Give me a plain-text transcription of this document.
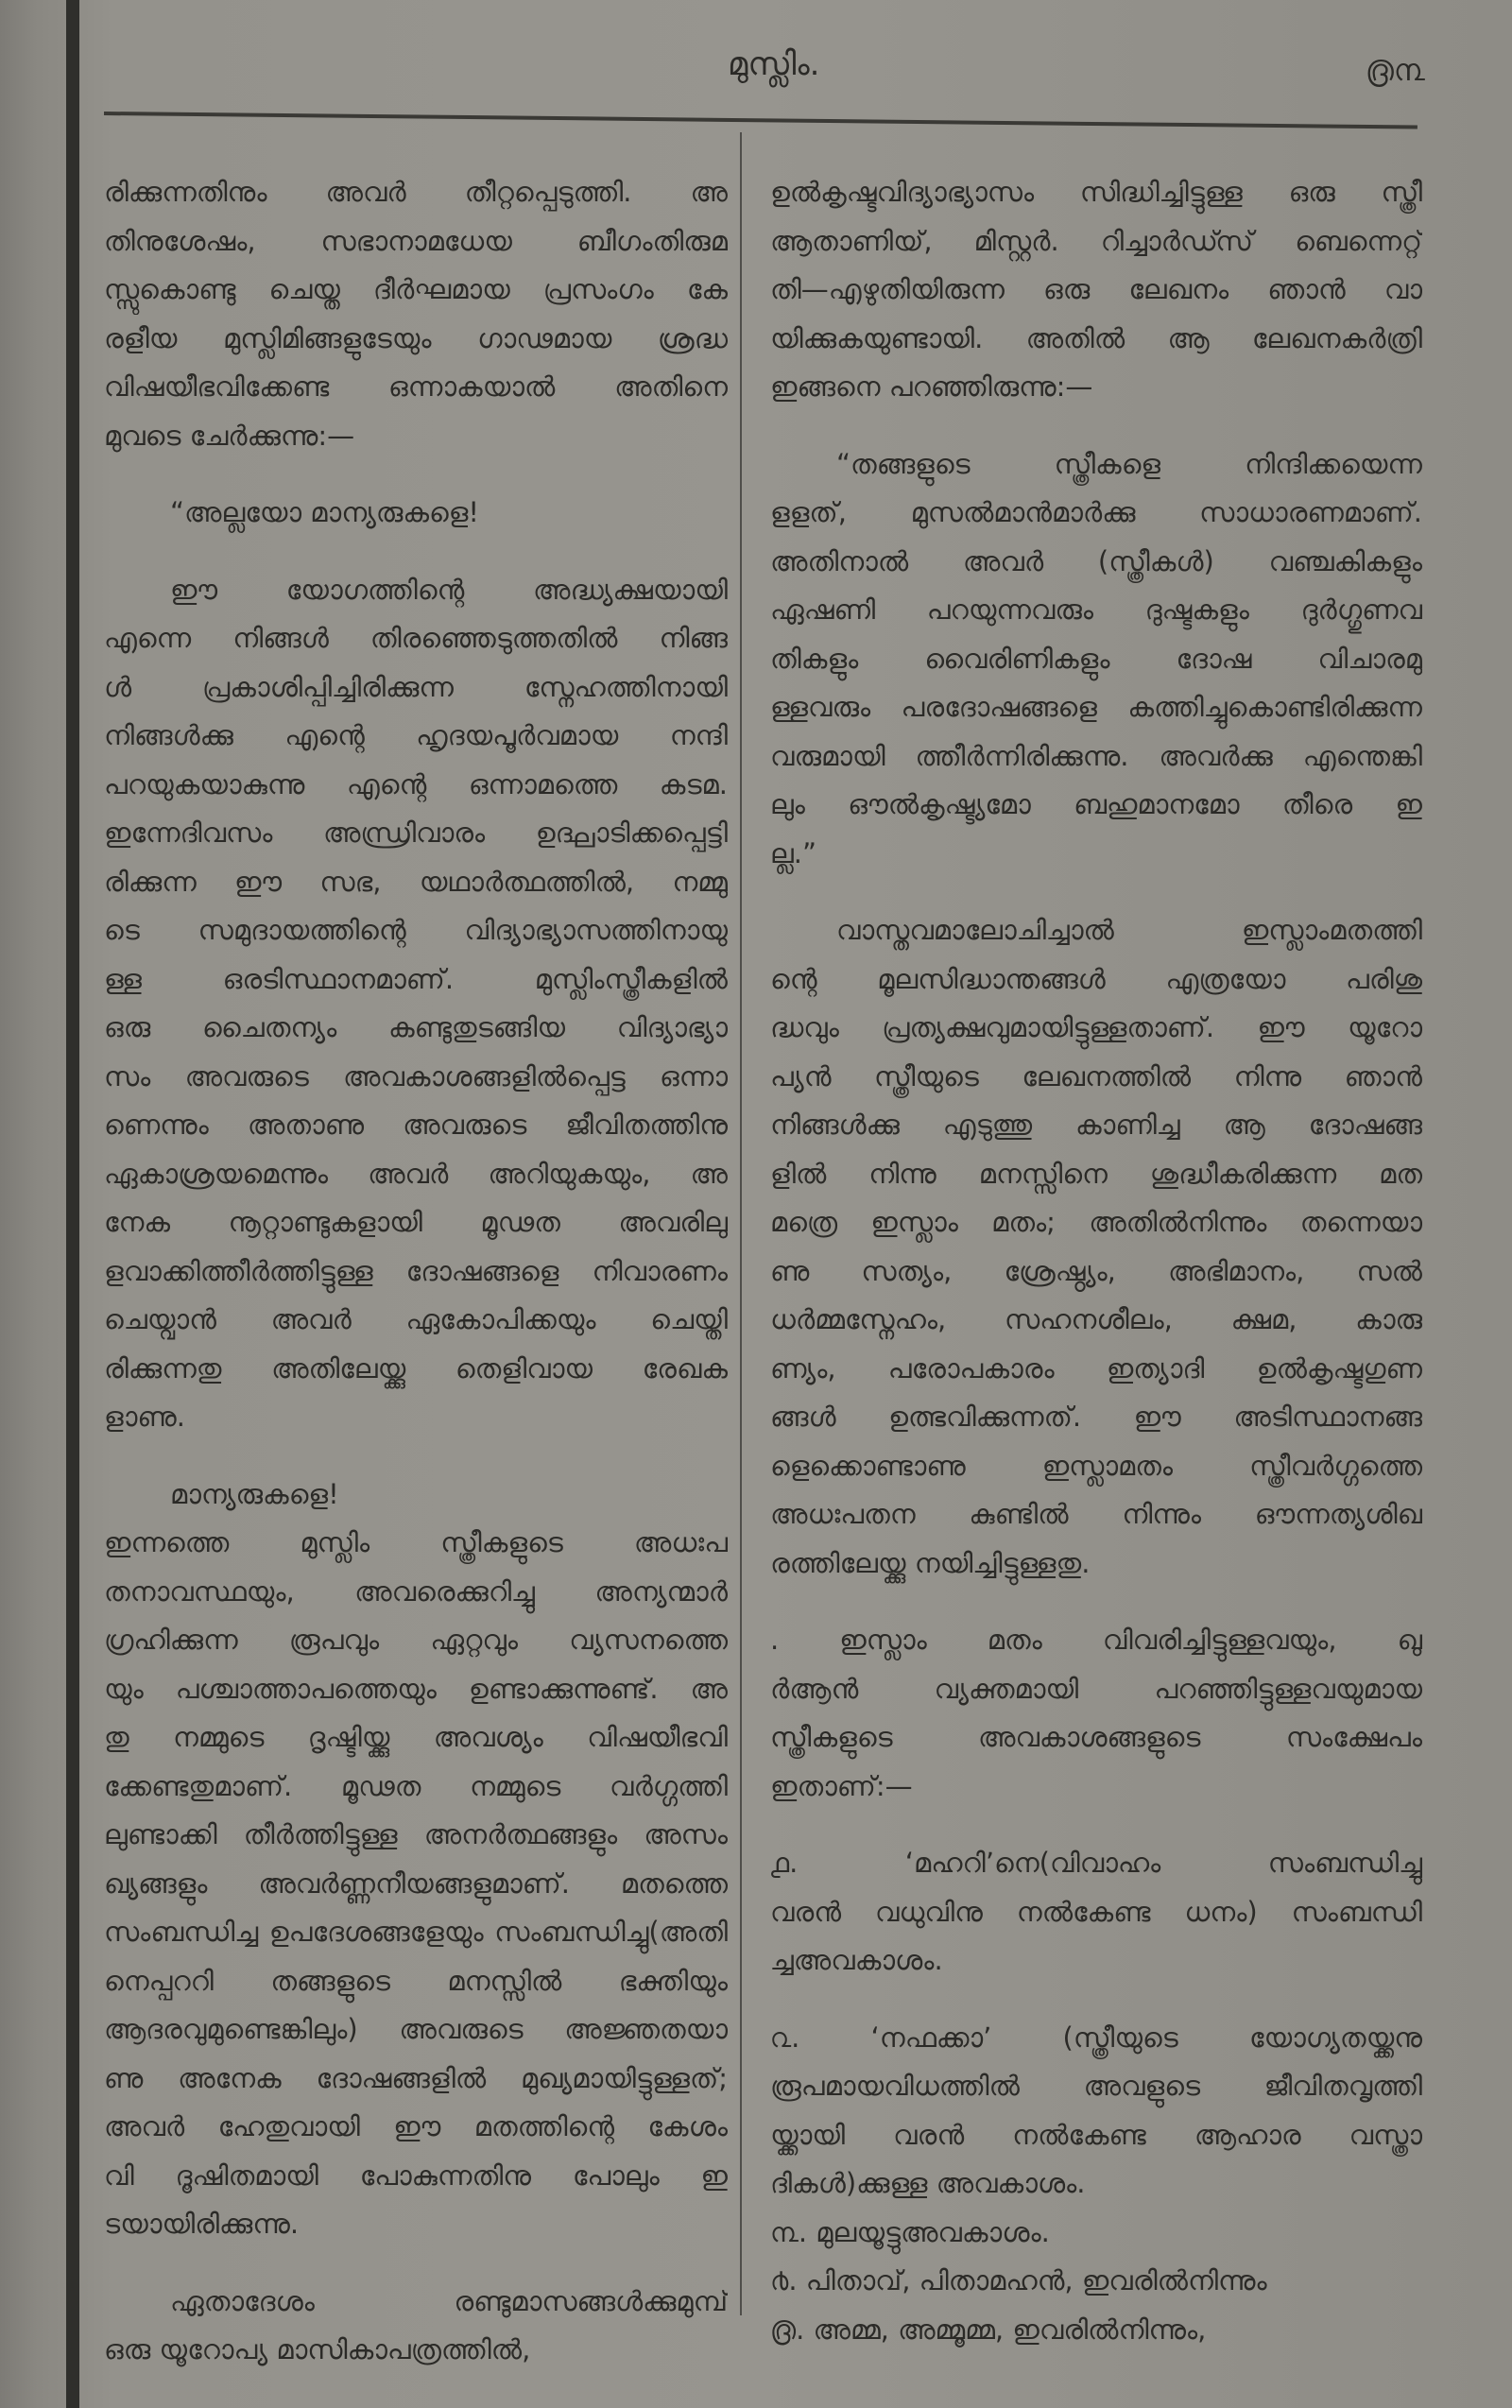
മുസ്ലിം.	൫൩
രിക്കുന്നതിനും അവർ തീറ്റപ്പെടുത്തി. അ
തിനുശേഷം, സഭാനാമധേയ ബീഗംതിരുമ
സ്സുകൊണ്ടു ചെയ്ത ദീർഘമായ പ്രസംഗം കേ
രളീയ മുസ്ലിമിങ്ങളുടേയും ഗാഢമായ ശ്രദ്ധ
വിഷയീഭവിക്കേണ്ട ഒന്നാകയാൽ അതിനെ
മുവടെ ചേർക്കുന്നു:—
“അല്ലയോ മാന്യരുകളെ!
ഈ യോഗത്തിന്റെ അദ്ധ്യക്ഷയായി
എന്നെ നിങ്ങൾ തിരഞ്ഞെടുത്തതിൽ നിങ്ങ
ൾ പ്രകാശിപ്പിച്ചിരിക്കുന്ന സ്നേഹത്തിനായി
നിങ്ങൾക്കു എന്റെ ഹൃദയപൂർവമായ നന്ദി
പറയുകയാകുന്നു എന്റെ ഒന്നാമത്തെ കടമ.
ഇന്നേദിവസം അന്ധ്രിവാരം ഉദ്ഘാടിക്കപ്പെട്ടി
രിക്കുന്ന ഈ സഭ, യഥാർത്ഥത്തിൽ, നമ്മു
ടെ സമുദായത്തിന്റെ വിദ്യാഭ്യാസത്തിനായു
ള്ള ഒരടിസ്ഥാനമാണ്. മുസ്ലിംസ്ത്രീകളിൽ
ഒരു ചൈതന്യം കണ്ടുതുടങ്ങിയ വിദ്യാഭ്യാ
സം അവരുടെ അവകാശങ്ങളിൽപ്പെട്ട ഒന്നാ
ണെന്നും അതാണു അവരുടെ ജീവിതത്തിനു
ഏകാശ്രയമെന്നും അവർ അറിയുകയും, അ
നേക നൂറ്റാണ്ടുകളായി മൂഢത അവരിലു
ളവാക്കിത്തീർത്തിട്ടുള്ള ദോഷങ്ങളെ നിവാരണം
ചെയ്വാൻ അവർ ഏകോപിക്കയും ചെയ്തി
രിക്കുന്നതു അതിലേയ്ക്കു തെളിവായ രേഖക
ളാണു.
മാന്യരുകളെ!
ഇന്നത്തെ മുസ്ലിം സ്ത്രീകളുടെ അധഃപ
തനാവസ്ഥയും, അവരെക്കുറിച്ചു അന്യന്മാർ
ഗ്രഹിക്കുന്ന രൂപവും ഏറ്റവും വ്യസനത്തെ
യും പശ്ചാത്താപത്തെയും ഉണ്ടാക്കുന്നുണ്ട്. അ
തു നമ്മുടെ ദൃഷ്ടിയ്ക്കു അവശ്യം വിഷയീഭവി
ക്കേണ്ടതുമാണ്. മൂഢത നമ്മുടെ വർഗ്ഗത്തി
ലുണ്ടാക്കി തീർത്തിട്ടുള്ള അനർത്ഥങ്ങളും അസം
ഖ്യങ്ങളും അവർണ്ണനീയങ്ങളുമാണ്. മതത്തെ
സംബന്ധിച്ച ഉപദേശങ്ങളേയും സംബന്ധിച്ചു(അതി
നെപ്പററി തങ്ങളുടെ മനസ്സിൽ ഭക്തിയും
ആദരവുമുണ്ടെങ്കിലും) അവരുടെ അജ്ഞതയാ
ണു അനേക ദോഷങ്ങളിൽ മുഖ്യമായിട്ടുള്ളത്;
അവർ ഹേതുവായി ഈ മതത്തിന്റെ കേശം
വി ദൂഷിതമായി പോകുന്നതിനു പോലും ഇ
ടയായിരിക്കുന്നു.
ഏതാദേശം രണ്ടുമാസങ്ങൾക്കുമുമ്പ്
ഒരു യൂറോപ്യ മാസികാപത്രത്തിൽ,
ഉൽകൃഷ്ടവിദ്യാഭ്യാസം സിദ്ധിച്ചിട്ടുള്ള ഒരു സ്ത്രീ
ആതാണിയ്, മിസ്റ്റർ. റിച്ചാർഡ്സ് ബെന്നെറ്റ്
തി—എഴുതിയിരുന്ന ഒരു ലേഖനം ഞാൻ വാ
യിക്കുകയുണ്ടായി. അതിൽ ആ ലേഖനകർത്രി
ഇങ്ങനെ പറഞ്ഞിരുന്നു:—
“തങ്ങളുടെ സ്ത്രീകളെ നിന്ദിക്കയെന്ന
ളളത്, മുസൽമാൻമാർക്കു സാധാരണമാണ്.
അതിനാൽ അവർ (സ്ത്രീകൾ) വഞ്ചകികളും
ഏഷണി പറയുന്നവരും ദുഷ്ടകളും ദുർഗ്ഗുണവ
തികളും വൈരിണികളും ദോഷ വിചാരമു
ള്ളവരും പരദോഷങ്ങളെ കത്തിച്ചുകൊണ്ടിരിക്കുന്ന
വരുമായി ത്തീർന്നിരിക്കുന്നു. അവർക്കു എന്തെങ്കി
ലും ഔൽകൃഷ്ട്യമോ ബഹുമാനമോ തീരെ ഇ
ല്ല.”
വാസ്തവമാലോചിച്ചാൽ ഇസ്ലാംമതത്തി
ന്റെ മൂലസിദ്ധാന്തങ്ങൾ എത്രയോ പരിശു
ദ്ധവും പ്രത്യക്ഷവുമായിട്ടുള്ളതാണ്. ഈ യൂറോ
പ്യൻ സ്ത്രീയുടെ ലേഖനത്തിൽ നിന്നു ഞാൻ
നിങ്ങൾക്കു എടുത്തു കാണിച്ച ആ ദോഷങ്ങ
ളിൽ നിന്നു മനസ്സിനെ ശുദ്ധീകരിക്കുന്ന മത
മത്രെ ഇസ്ലാം മതം; അതിൽനിന്നും തന്നെയാ
ണു സത്യം, ശ്രേഷ്ഠ്യം, അഭിമാനം, സൽ
ധർമ്മസ്നേഹം, സഹനശീലം, ക്ഷമ, കാരു
ണ്യം, പരോപകാരം ഇത്യാദി ഉൽകൃഷ്ടഗുണ
ങ്ങൾ ഉത്ഭവിക്കുന്നത്. ഈ അടിസ്ഥാനങ്ങ
ളെക്കൊണ്ടാണു ഇസ്ലാമതം സ്ത്രീവർഗ്ഗത്തെ
അധഃപതന കുണ്ടിൽ നിന്നും ഔന്നത്യശിഖ
രത്തിലേയ്ക്കു നയിച്ചിട്ടുള്ളതു.
. ഇസ്ലാം മതം വിവരിച്ചിട്ടുള്ളവയും, ഖു
ർആൻ വ്യക്തമായി പറഞ്ഞിട്ടുള്ളവയുമായ
സ്ത്രീകളുടെ അവകാശങ്ങളുടെ സംക്ഷേപം
ഇതാണ്:—
൧. ‘മഹറി’നെ(വിവാഹം സംബന്ധിച്ചു
വരൻ വധുവിനു നൽകേണ്ട ധനം) സംബന്ധി
ച്ചഅവകാശം.
൨. ‘നഫക്കാ’ (സ്ത്രീയുടെ യോഗ്യതയ്ക്കനു
രൂപമായവിധത്തിൽ അവളുടെ ജീവിതവൃത്തി
യ്ക്കായി വരൻ നൽകേണ്ട ആഹാര വസ്ത്രാ
ദികൾ)ക്കുള്ള അവകാശം.
൩. മുലയൂട്ടുഅവകാശം.
൪. പിതാവ്, പിതാമഹൻ, ഇവരിൽനിന്നും
൫. അമ്മ, അമ്മൂമ്മ, ഇവരിൽനിന്നും,
